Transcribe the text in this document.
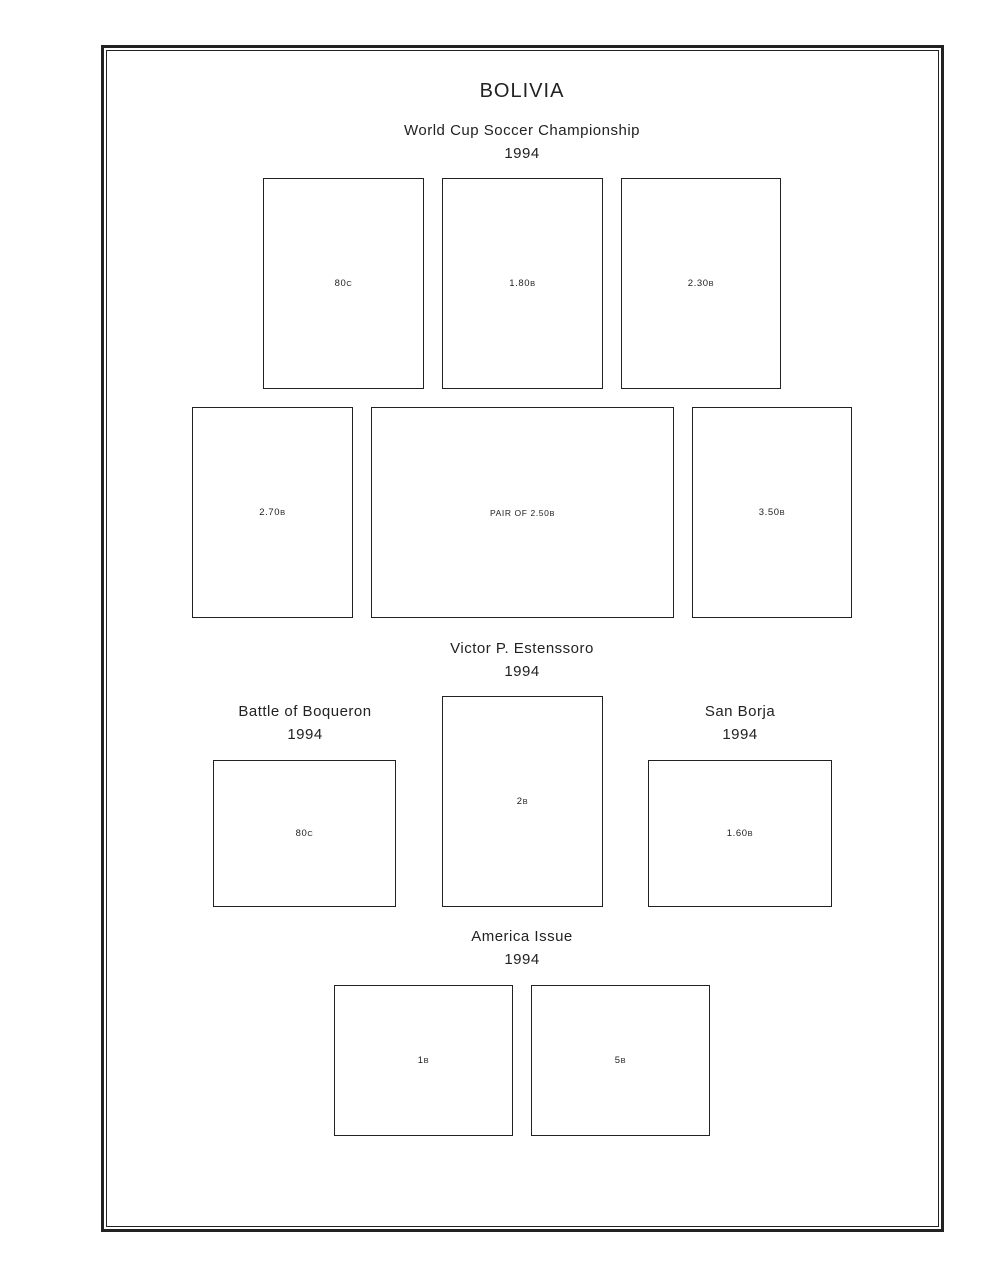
BOLIVIA
World Cup Soccer Championship
1994
80C	1.80B	2.30B
2.70B	PAIR OF 2.50B	3.50B
Victor P. Estenssoro
1994
2B
Battle of Boqueron
1994
80C
San Borja
1994
1.60B
America Issue
1994
1B	5B
